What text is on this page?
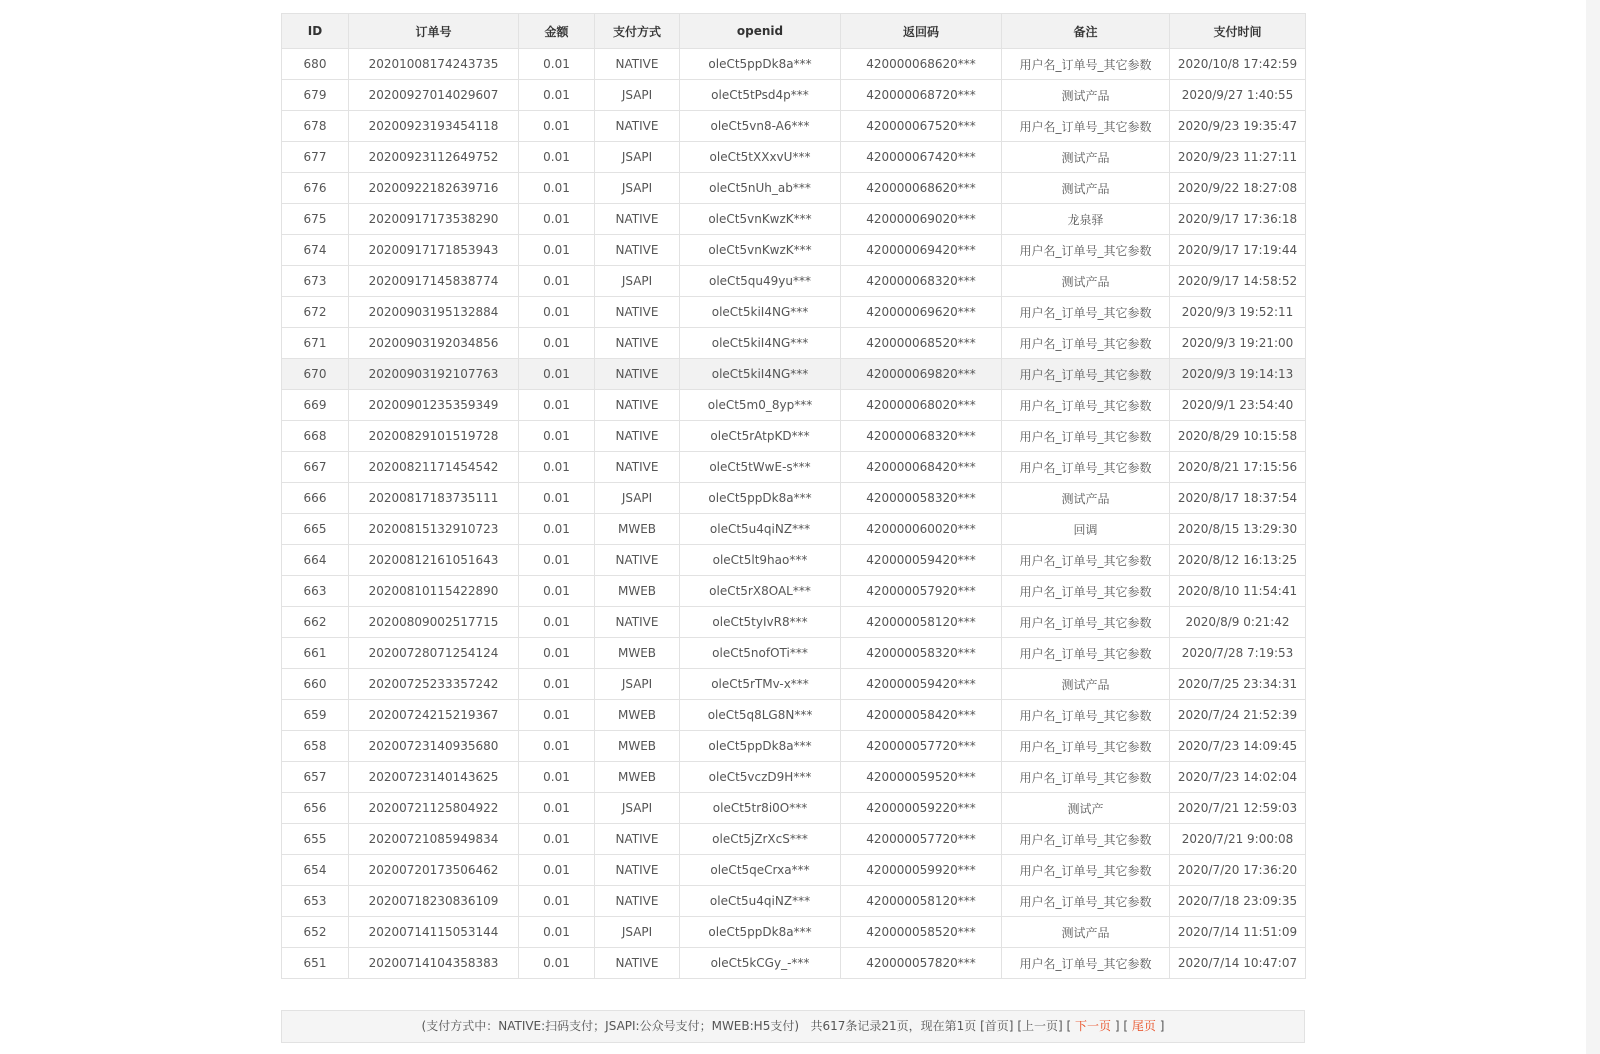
ID	订单号	金额	支付方式	openid	返回码	备注	支付时间
680	20201008174243735	0.01	NATIVE	oleCt5ppDk8a***	420000068620***	用户名_订单号_其它参数	2020/10/8 17:42:59
679	20200927014029607	0.01	JSAPI	oleCt5tPsd4p***	420000068720***	测试产品	2020/9/27 1:40:55
678	20200923193454118	0.01	NATIVE	oleCt5vn8-A6***	420000067520***	用户名_订单号_其它参数	2020/9/23 19:35:47
677	20200923112649752	0.01	JSAPI	oleCt5tXXxvU***	420000067420***	测试产品	2020/9/23 11:27:11
676	20200922182639716	0.01	JSAPI	oleCt5nUh_ab***	420000068620***	测试产品	2020/9/22 18:27:08
675	20200917173538290	0.01	NATIVE	oleCt5vnKwzK***	420000069020***	龙泉驿	2020/9/17 17:36:18
674	20200917171853943	0.01	NATIVE	oleCt5vnKwzK***	420000069420***	用户名_订单号_其它参数	2020/9/17 17:19:44
673	20200917145838774	0.01	JSAPI	oleCt5qu49yu***	420000068320***	测试产品	2020/9/17 14:58:52
672	20200903195132884	0.01	NATIVE	oleCt5kiI4NG***	420000069620***	用户名_订单号_其它参数	2020/9/3 19:52:11
671	20200903192034856	0.01	NATIVE	oleCt5kiI4NG***	420000068520***	用户名_订单号_其它参数	2020/9/3 19:21:00
670	20200903192107763	0.01	NATIVE	oleCt5kiI4NG***	420000069820***	用户名_订单号_其它参数	2020/9/3 19:14:13
669	20200901235359349	0.01	NATIVE	oleCt5m0_8yp***	420000068020***	用户名_订单号_其它参数	2020/9/1 23:54:40
668	20200829101519728	0.01	NATIVE	oleCt5rAtpKD***	420000068320***	用户名_订单号_其它参数	2020/8/29 10:15:58
667	20200821171454542	0.01	NATIVE	oleCt5tWwE-s***	420000068420***	用户名_订单号_其它参数	2020/8/21 17:15:56
666	20200817183735111	0.01	JSAPI	oleCt5ppDk8a***	420000058320***	测试产品	2020/8/17 18:37:54
665	20200815132910723	0.01	MWEB	oleCt5u4qiNZ***	420000060020***	回调	2020/8/15 13:29:30
664	20200812161051643	0.01	NATIVE	oleCt5lt9hao***	420000059420***	用户名_订单号_其它参数	2020/8/12 16:13:25
663	20200810115422890	0.01	MWEB	oleCt5rX8OAL***	420000057920***	用户名_订单号_其它参数	2020/8/10 11:54:41
662	20200809002517715	0.01	NATIVE	oleCt5tyIvR8***	420000058120***	用户名_订单号_其它参数	2020/8/9 0:21:42
661	20200728071254124	0.01	MWEB	oleCt5nofOTi***	420000058320***	用户名_订单号_其它参数	2020/7/28 7:19:53
660	20200725233357242	0.01	JSAPI	oleCt5rTMv-x***	420000059420***	测试产品	2020/7/25 23:34:31
659	20200724215219367	0.01	MWEB	oleCt5q8LG8N***	420000058420***	用户名_订单号_其它参数	2020/7/24 21:52:39
658	20200723140935680	0.01	MWEB	oleCt5ppDk8a***	420000057720***	用户名_订单号_其它参数	2020/7/23 14:09:45
657	20200723140143625	0.01	MWEB	oleCt5vczD9H***	420000059520***	用户名_订单号_其它参数	2020/7/23 14:02:04
656	20200721125804922	0.01	JSAPI	oleCt5tr8i0O***	420000059220***	测试产	2020/7/21 12:59:03
655	20200721085949834	0.01	NATIVE	oleCt5jZrXcS***	420000057720***	用户名_订单号_其它参数	2020/7/21 9:00:08
654	20200720173506462	0.01	NATIVE	oleCt5qeCrxa***	420000059920***	用户名_订单号_其它参数	2020/7/20 17:36:20
653	20200718230836109	0.01	NATIVE	oleCt5u4qiNZ***	420000058120***	用户名_订单号_其它参数	2020/7/18 23:09:35
652	20200714115053144	0.01	JSAPI	oleCt5ppDk8a***	420000058520***	测试产品	2020/7/14 11:51:09
651	20200714104358383	0.01	NATIVE	oleCt5kCGy_-***	420000057820***	用户名_订单号_其它参数	2020/7/14 10:47:07
(支付方式中：NATIVE:扫码支付；JSAPI:公众号支付；MWEB:H5支付) 共617条记录21页，现在第1页 [首页] [上一页] [ 下一页 ] [ 尾页 ]
